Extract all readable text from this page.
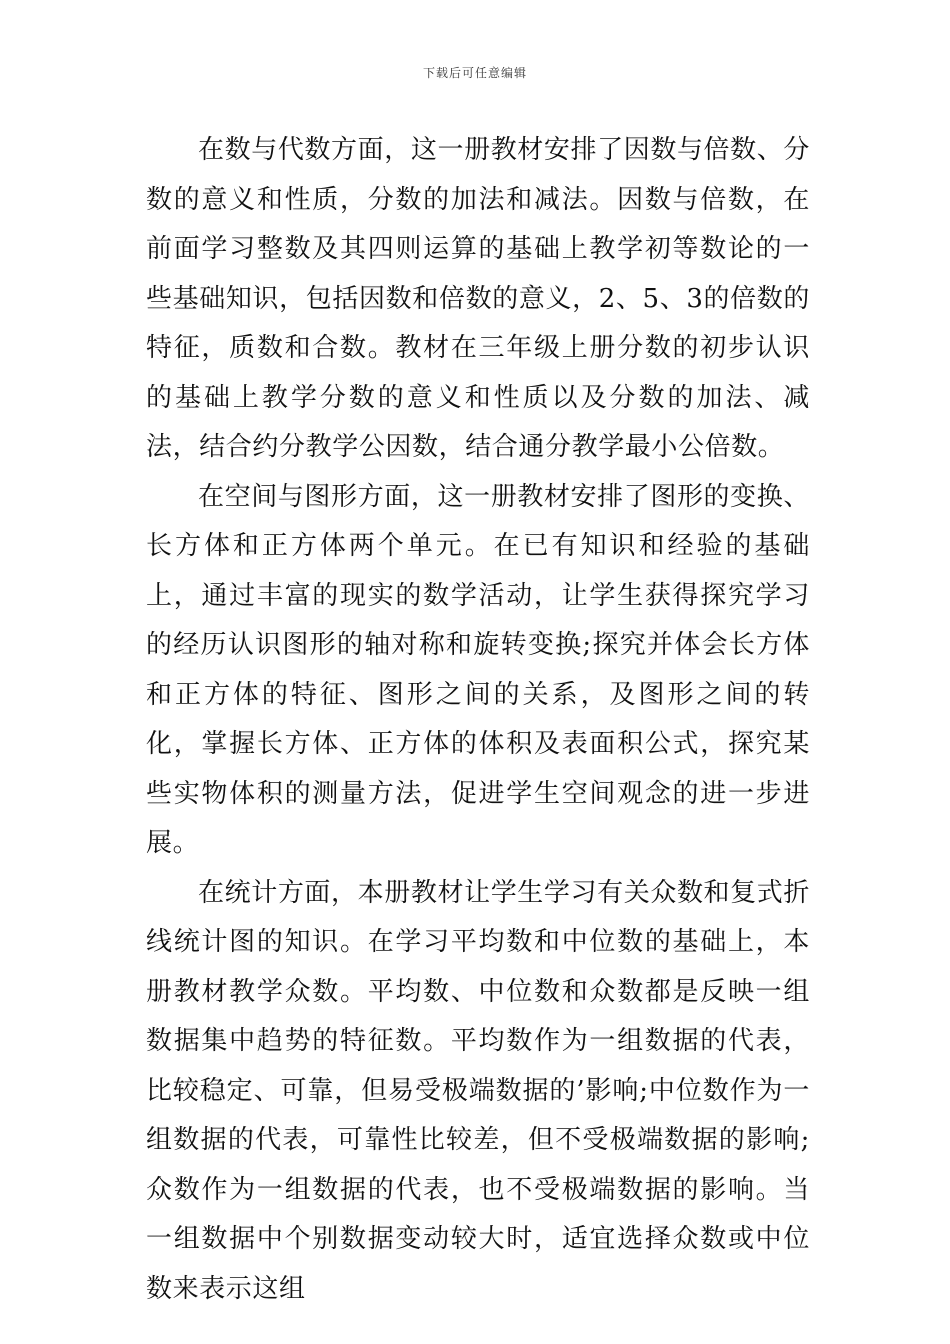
下载后可任意编辑

在数与代数方面，这一册教材安排了因数与倍数、分数的意义和性质，分数的加法和减法。因数与倍数，在前面学习整数及其四则运算的基础上教学初等数论的一些基础知识，包括因数和倍数的意义，2、5、3的倍数的特征，质数和合数。教材在三年级上册分数的初步认识的基础上教学分数的意义和性质以及分数的加法、减法，结合约分教学公因数，结合通分教学最小公倍数。

在空间与图形方面，这一册教材安排了图形的变换、长方体和正方体两个单元。在已有知识和经验的基础上，通过丰富的现实的数学活动，让学生获得探究学习的经历认识图形的轴对称和旋转变换;探究并体会长方体和正方体的特征、图形之间的关系，及图形之间的转化，掌握长方体、正方体的体积及表面积公式，探究某些实物体积的测量方法，促进学生空间观念的进一步进展。

在统计方面，本册教材让学生学习有关众数和复式折线统计图的知识。在学习平均数和中位数的基础上，本册教材教学众数。平均数、中位数和众数都是反映一组数据集中趋势的特征数。平均数作为一组数据的代表，比较稳定、可靠，但易受极端数据的’影响;中位数作为一组数据的代表，可靠性比较差，但不受极端数据的影响;众数作为一组数据的代表，也不受极端数据的影响。当一组数据中个别数据变动较大时，适宜选择众数或中位数来表示这组
